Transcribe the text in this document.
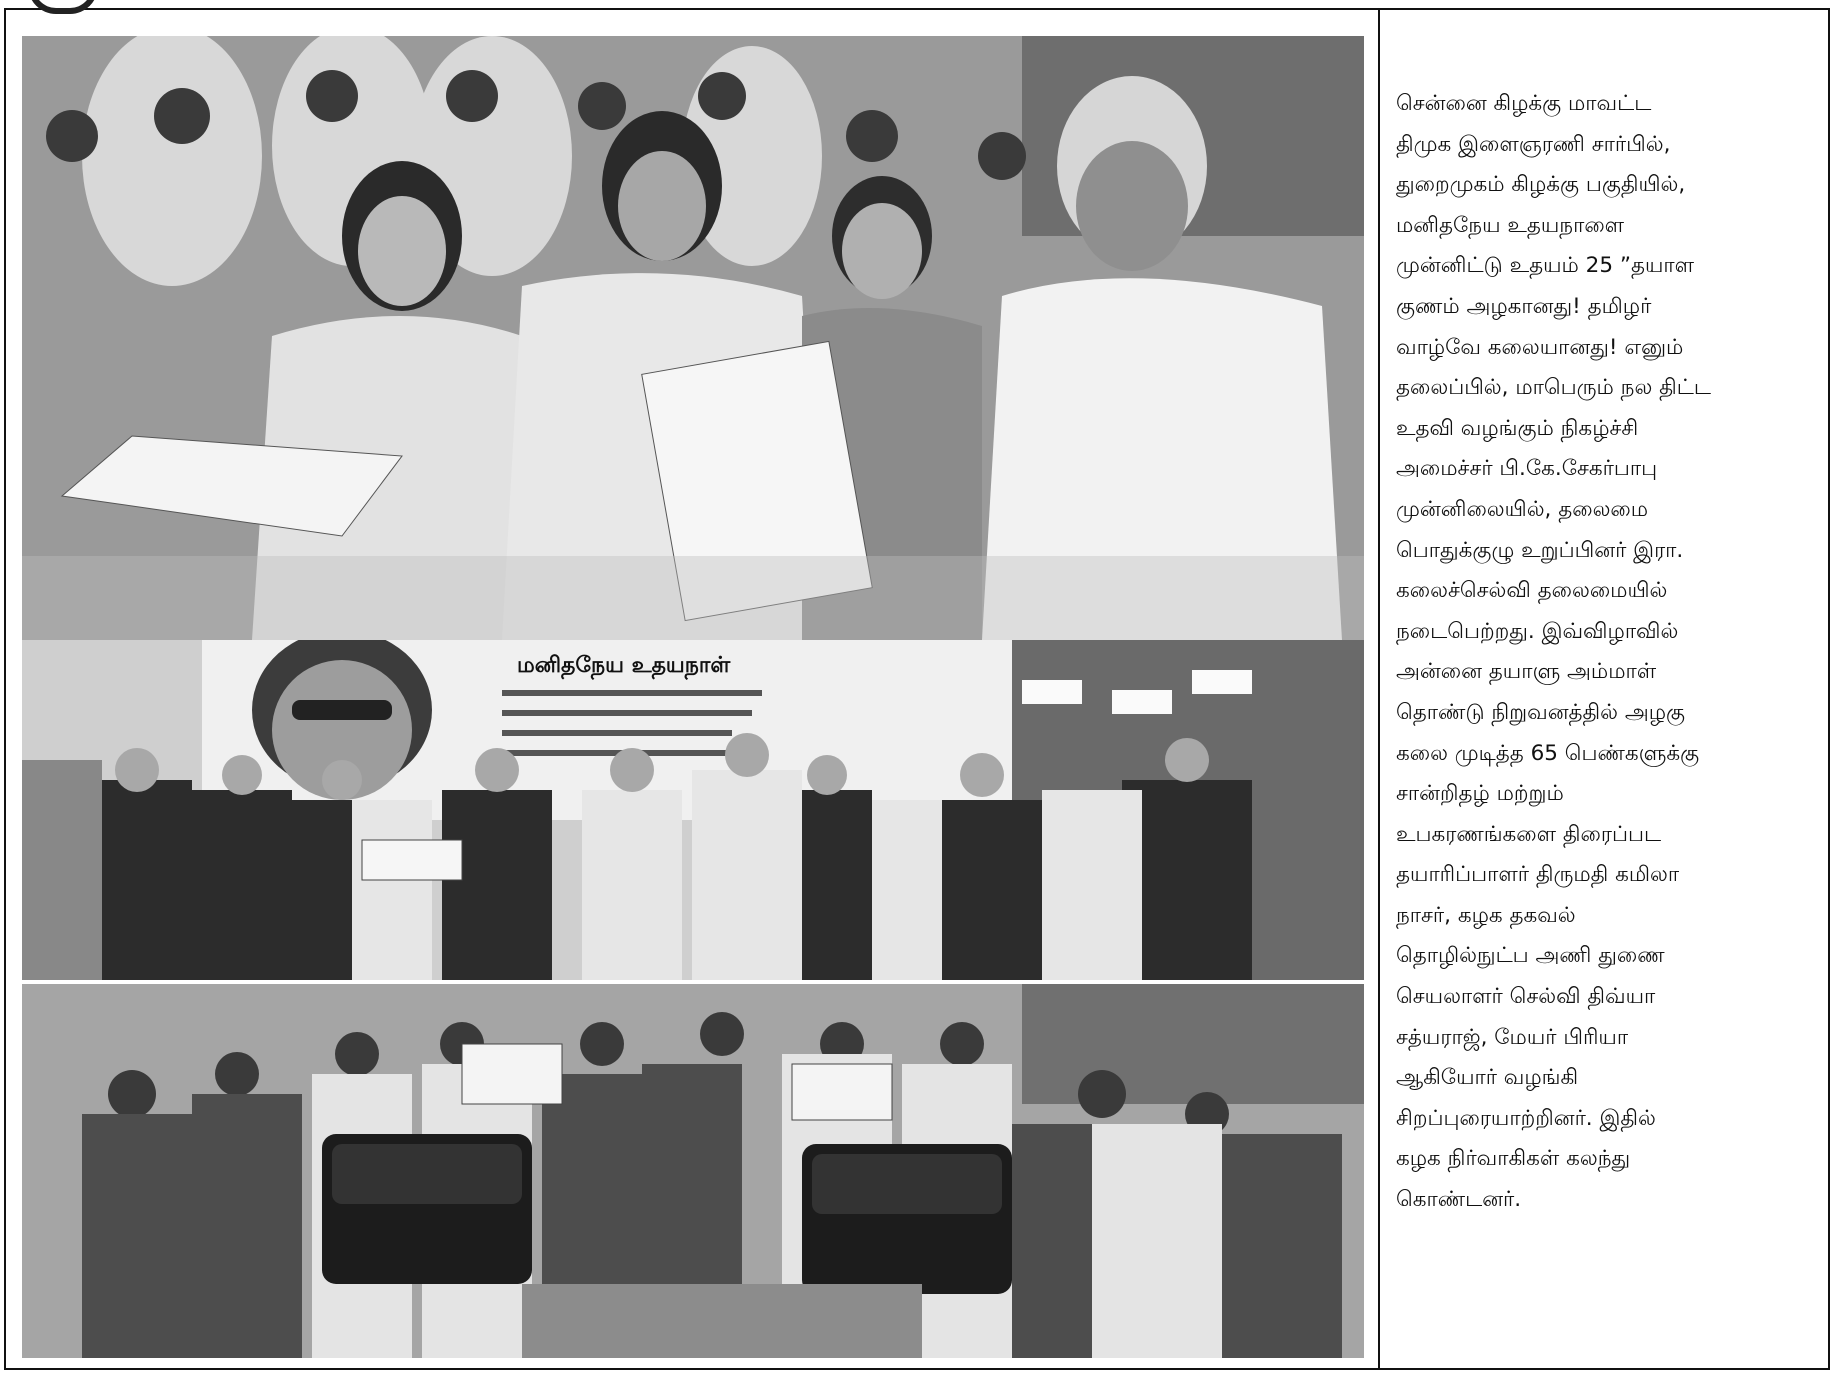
மனிதநேய உதயநாள்

சென்னை கிழக்கு மாவட்ட
திமுக இளைஞரணி சார்பில்,
துறைமுகம் கிழக்கு பகுதியில்,
மனிதநேய உதயநாளை
முன்னிட்டு உதயம் 25 ”தயாள
குணம் அழகானது! தமிழர்
வாழ்வே கலையானது! எனும்
தலைப்பில், மாபெரும் நல திட்ட
உதவி வழங்கும் நிகழ்ச்சி
அமைச்சர் பி.கே.சேகர்பாபு
முன்னிலையில், தலைமை
பொதுக்குழு உறுப்பினர் இரா.
கலைச்செல்வி தலைமையில்
நடைபெற்றது. இவ்விழாவில்
அன்னை தயாளு அம்மாள்
தொண்டு நிறுவனத்தில் அழகு
கலை முடித்த 65 பெண்களுக்கு
சான்றிதழ் மற்றும்
உபகரணங்களை திரைப்பட
தயாரிப்பாளர் திருமதி கமிலா
நாசர், கழக தகவல்
தொழில்நுட்ப அணி துணை
செயலாளர் செல்வி திவ்யா
சத்யராஜ், மேயர் பிரியா
ஆகியோர் வழங்கி
சிறப்புரையாற்றினர். இதில்
கழக நிர்வாகிகள் கலந்து
கொண்டனர்.
